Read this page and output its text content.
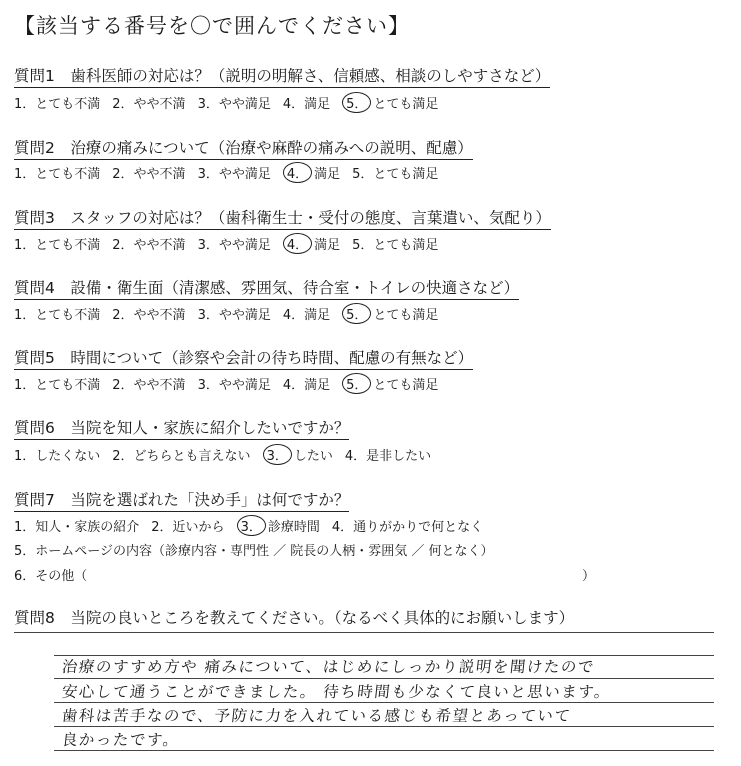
【該当する番号を〇で囲んでください】
質問1　 歯科医師の対応は？（説明の明解さ、信頼感、相談のしやすさなど）
1．とても不満 2．やや不満 3．やや満足 4．満足 5． とても満足
質問2　 治療の痛みについて（治療や麻酔の痛みへの説明、配慮）
1．とても不満 2．やや不満 3．やや満足 4． 満足 5．とても満足
質問3　 スタッフの対応は？（歯科衛生士・受付の態度、言葉遣い、気配り）
1．とても不満 2．やや不満 3．やや満足 4． 満足 5．とても満足
質問4　 設備・衛生面（清潔感、雰囲気、待合室・トイレの快適さなど）
1．とても不満 2．やや不満 3．やや満足 4．満足 5． とても満足
質問5　 時間について（診察や会計の待ち時間、配慮の有無など）
1．とても不満 2．やや不満 3．やや満足 4．満足 5． とても満足
質問6　 当院を知人・家族に紹介したいですか？
1．したくない 2．どちらとも言えない 3． したい 4．是非したい
質問7　 当院を選ばれた「決め手」は何ですか？
1．知人・家族の紹介 2．近いから 3． 診療時間 4．通りがかりで何となく
5．ホームページの内容（診療内容・専門性 ／ 院長の人柄・雰囲気 ／ 何となく）
6．その他（	）
質問8　 当院の良いところを教えてください。（なるべく具体的にお願いします）
治療のすすめ方や 痛みについて、はじめにしっかり説明を聞けたので
安心して通うことができました。 待ち時間も少なくて良いと思います。
歯科は苦手なので、予防に力を入れている感じも希望とあっていて
良かったです。
